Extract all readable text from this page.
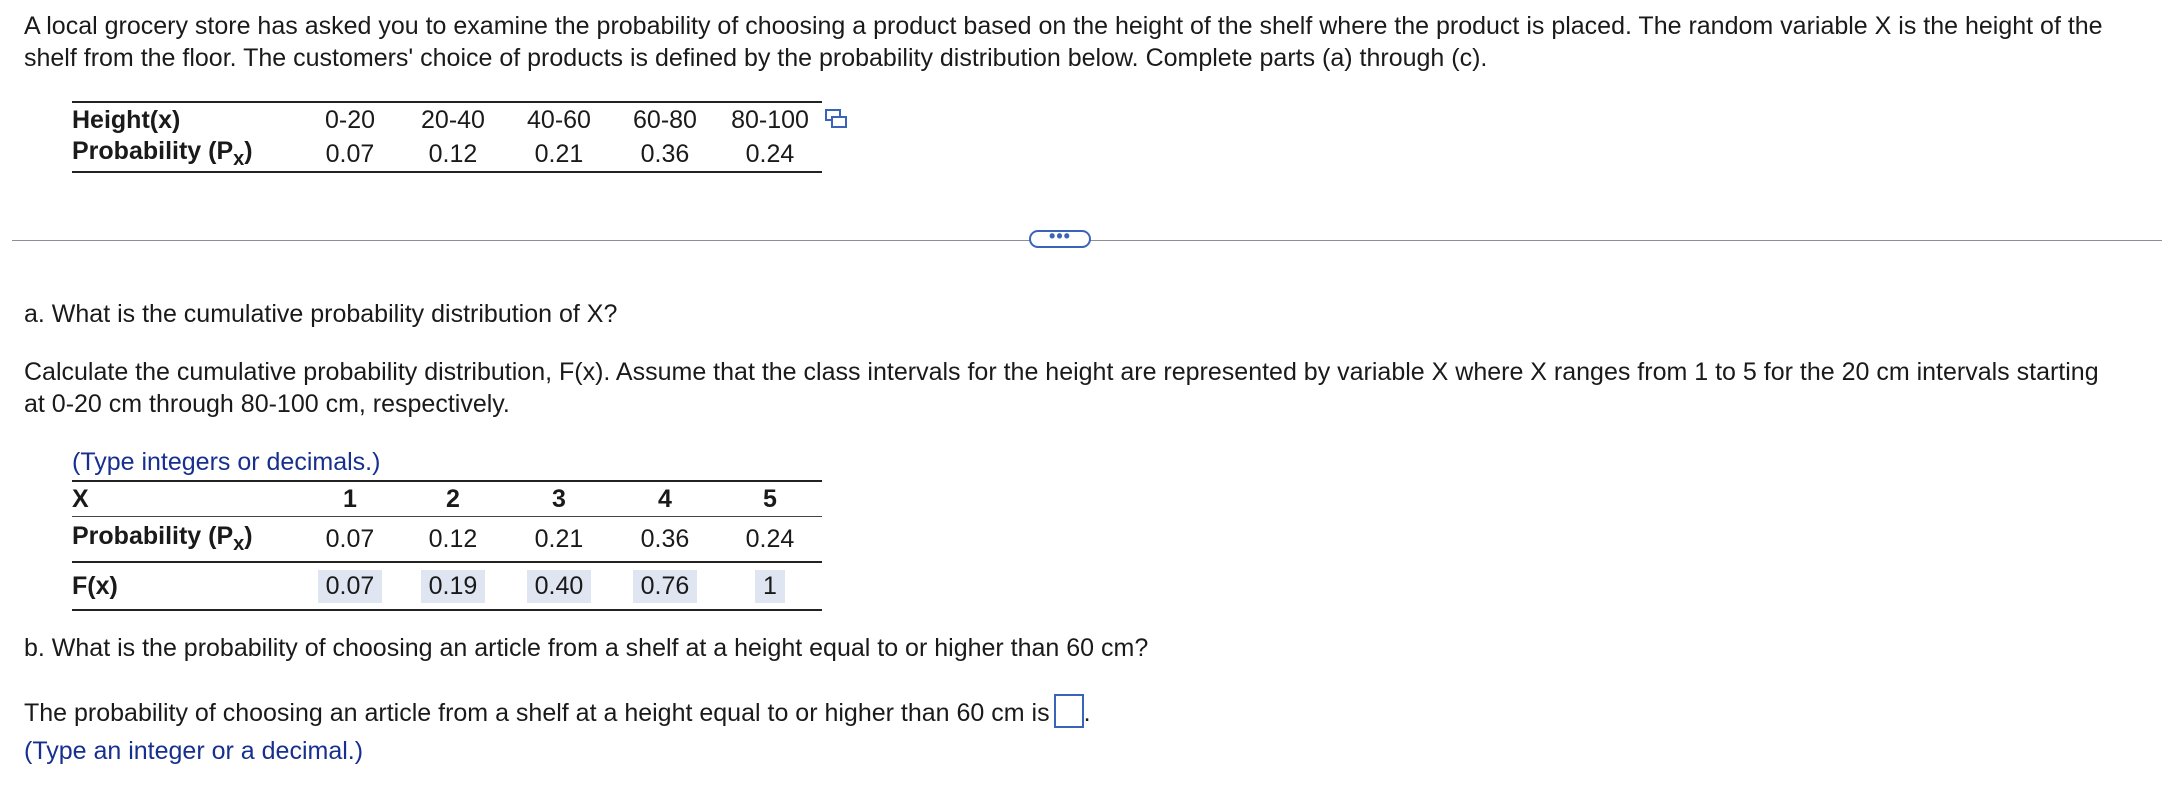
A local grocery store has asked you to examine the probability of choosing a product based on the height of the shelf where the product is placed. The random variable X is the height of the shelf from the floor. The customers' choice of products is defined by the probability distribution below. Complete parts (a) through (c).

Height(x)	0-20	20-40	40-60	60-80	80-100
Probability $(P_x)$	0.07	0.12	0.21	0.36	0.24
•••

a. What is the cumulative probability distribution of X?

Calculate the cumulative probability distribution, F(x). Assume that the class intervals for the height are represented by variable X where X ranges from 1 to 5 for the 20 cm intervals starting at 0-20 cm through 80-100 cm, respectively.

(Type integers or decimals.)

X	1	2	3	4	5
Probability $(P_x)$	0.07	0.12	0.21	0.36	0.24
F(x)	0.07	0.19	0.40	0.76	1

b. What is the probability of choosing an article from a shelf at a height equal to or higher than 60 cm?

The probability of choosing an article from a shelf at a height equal to or higher than 60 cm is .

(Type an integer or a decimal.)
